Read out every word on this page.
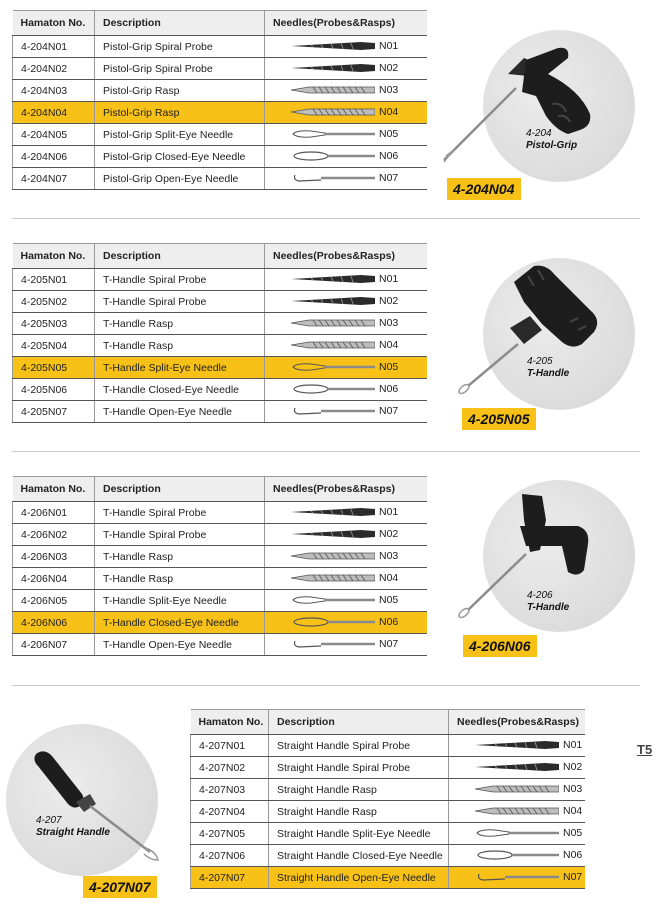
Hamaton No.	Description	Needles(Probes&Rasps)
4-204N01	Pistol-Grip Spiral Probe	N01

4-204N02	Pistol-Grip Spiral Probe	N02

4-204N03	Pistol-Grip Rasp	N03

4-204N04	Pistol-Grip Rasp	N04

4-204N05	Pistol-Grip Split-Eye Needle	N05

4-204N06	Pistol-Grip Closed-Eye Needle	N06

4-204N07	Pistol-Grip Open-Eye Needle	N07
4-204
Pistol-Grip
4-204N04
Hamaton No.	Description	Needles(Probes&Rasps)
4-205N01	T-Handle Spiral Probe	N01

4-205N02	T-Handle Spiral Probe	N02

4-205N03	T-Handle Rasp	N03

4-205N04	T-Handle Rasp	N04

4-205N05	T-Handle Split-Eye Needle	N05

4-205N06	T-Handle Closed-Eye Needle	N06

4-205N07	T-Handle Open-Eye Needle	N07
4-205
T-Handle
4-205N05
Hamaton No.	Description	Needles(Probes&Rasps)
4-206N01	T-Handle Spiral Probe	N01

4-206N02	T-Handle Spiral Probe	N02

4-206N03	T-Handle Rasp	N03

4-206N04	T-Handle Rasp	N04

4-206N05	T-Handle Split-Eye Needle	N05

4-206N06	T-Handle Closed-Eye Needle	N06

4-206N07	T-Handle Open-Eye Needle	N07
4-206
T-Handle
4-206N06
Hamaton No.	Description	Needles(Probes&Rasps)
4-207N01	Straight Handle Spiral Probe	N01

4-207N02	Straight Handle Spiral Probe	N02

4-207N03	Straight Handle Rasp	N03

4-207N04	Straight Handle Rasp	N04

4-207N05	Straight Handle Split-Eye Needle	N05

4-207N06	Straight Handle Closed-Eye Needle	N06

4-207N07	Straight Handle Open-Eye Needle	N07
4-207
Straight Handle
4-207N07
T5
